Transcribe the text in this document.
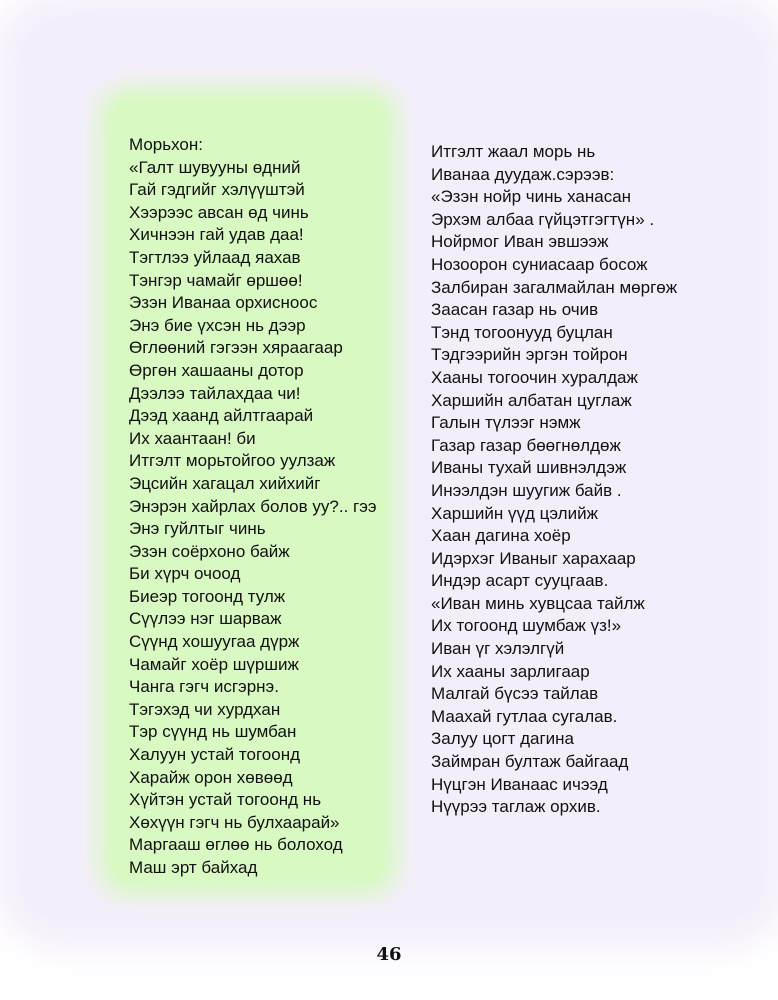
Морьхон:
«Галт шувууны өдний
Гай гэдгийг хэлүүштэй
Хээрээс авсан өд чинь
Хичнээн гай удав даа!
Тэгтлээ уйлаад яахав
Тэнгэр чамайг өршөө!
Эзэн Иванаа орхисноос
Энэ бие үхсэн нь дээр
Өглөөний гэгээн хяраагаар
Өргөн хашааны дотор
Дээлээ тайлахдаа чи!
Дээд хаанд айлтгаарай
Их хаантаан! би
Итгэлт морьтойгоо уулзаж
Эцсийн хагацал хийхийг
Энэрэн хайрлах болов уу?.. гээ
Энэ гуйлтыг чинь
Эзэн соёрхоно байж
Би хүрч очоод
Биеэр тогоонд тулж
Сүүлээ нэг шарваж
Сүүнд хошуугаа дүрж
Чамайг хоёр шүршиж
Чанга гэгч исгэрнэ.
Тэгэхэд чи хурдхан
Тэр сүүнд нь шумбан
Халуун устай тогоонд
Харайж орон хөвөөд
Хүйтэн устай тогоонд нь
Хөхүүн гэгч нь булхаарай»
Маргааш өглөө нь болоход
Маш эрт байхад
Итгэлт жаал морь нь
Иванаа дуудаж.сэрээв:
«Эзэн нойр чинь ханасан
Эрхэм албаа гүйцэтгэгтүн» .
Нойрмог Иван эвшээж
Нозоорон суниасаар босож
Залбиран загалмайлан мөргөж
Заасан газар нь очив
Тэнд тогоонууд буцлан
Тэдгээрийн эргэн тойрон
Хааны тогоочин хуралдаж
Харшийн албатан цуглаж
Галын түлээг нэмж
Газар газар бөөгнөлдөж
Иваны тухай шивнэлдэж
Инээлдэн шуугиж байв .
Харшийн үүд цэлийж
Хаан дагина хоёр
Идэрхэг Иваныг харахаар
Индэр асарт сууцгаав.
«Иван минь хувцсаа тайлж
Их тогоонд шумбаж үз!»
Иван үг хэлэлгүй
Их хааны зарлигаар
Малгай бүсээ тайлав
Маахай гутлаа сугалав.
Залуу цогт дагина
Займран бултаж байгаад
Нүцгэн Иванаас ичээд
Нүүрээ таглаж орхив.
46
